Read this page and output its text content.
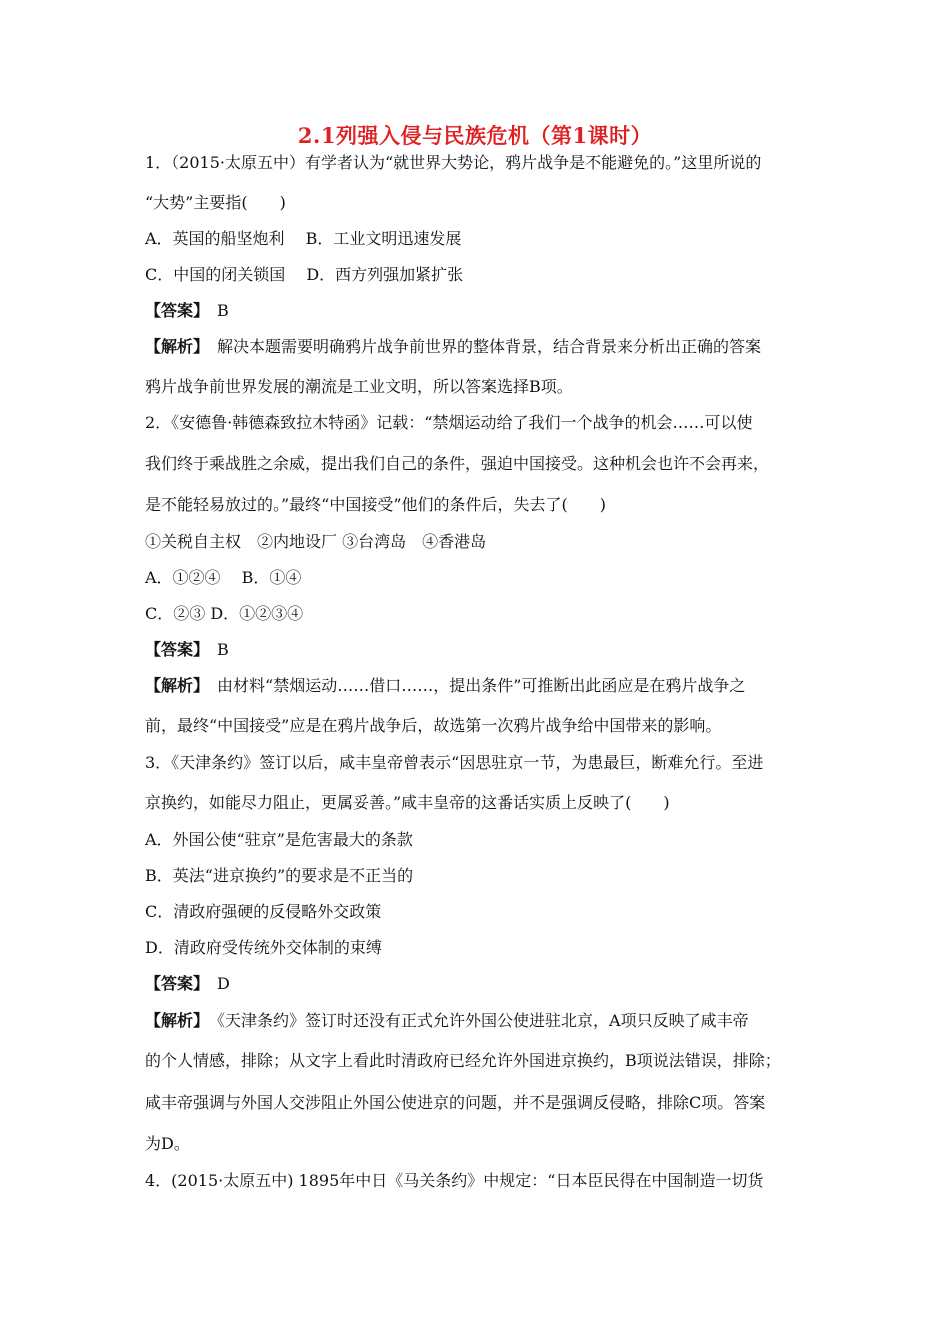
2.1列强入侵与民族危机（第1课时）
1．（2015·太原五中）有学者认为“就世界大势论，鸦片战争是不能避免的。”这里所说的
“大势”主要指(　　)
A．英国的船坚炮利　 B．工业文明迅速发展
C．中国的闭关锁国　 D．西方列强加紧扩张
【答案】　 B
【解析】　 解决本题需要明确鸦片战争前世界的整体背景，结合背景来分析出正确的答案
鸦片战争前世界发展的潮流是工业文明，所以答案选择B项。
2．《安德鲁·韩德森致拉木特函》记载：“禁烟运动给了我们一个战争的机会……可以使
我们终于乘战胜之余威，提出我们自己的条件，强迫中国接受。这种机会也许不会再来，
是不能轻易放过的。”最终“中国接受”他们的条件后，失去了(　　)
①关税自主权　②内地设厂 ③台湾岛　④香港岛
A．①②④　 B．①④
C．②③ D．①②③④
【答案】　 B
【解析】　 由材料“禁烟运动……借口……，提出条件”可推断出此函应是在鸦片战争之
前，最终“中国接受”应是在鸦片战争后，故选第一次鸦片战争给中国带来的影响。
3．《天津条约》签订以后，咸丰皇帝曾表示“因思驻京一节，为患最巨，断难允行。至进
京换约，如能尽力阻止，更属妥善。”咸丰皇帝的这番话实质上反映了(　　)
A．外国公使“驻京”是危害最大的条款
B．英法“进京换约”的要求是不正当的
C．清政府强硬的反侵略外交政策
D．清政府受传统外交体制的束缚
【答案】　 D
【解析】　 《天津条约》签订时还没有正式允许外国公使进驻北京，A项只反映了咸丰帝
的个人情感，排除；从文字上看此时清政府已经允许外国进京换约，B项说法错误，排除；
咸丰帝强调与外国人交涉阻止外国公使进京的问题，并不是强调反侵略，排除C项。答案
为D。
4．(2015·太原五中) 1895年中日《马关条约》中规定：“日本臣民得在中国制造一切货
